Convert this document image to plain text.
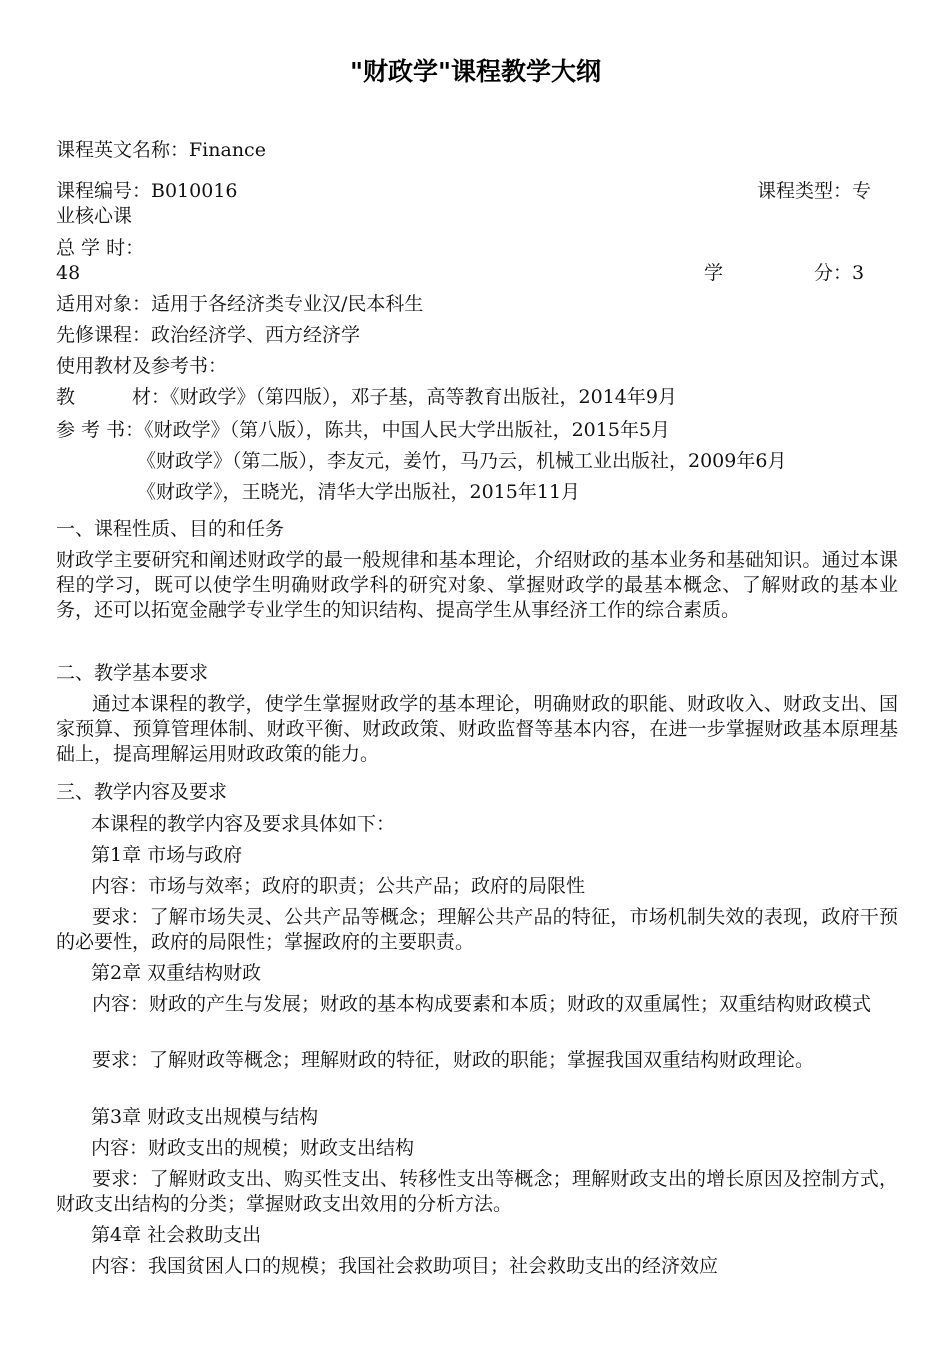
"财政学"课程教学大纲
课程英文名称：Finance
课程编号：B010016	课程类型：专
业核心课
总 学 时：
48	学	分：3
适用对象：适用于各经济类专业汉/民本科生
先修课程：政治经济学、西方经济学
使用教材及参考书：
教　　　材：《财政学》（第四版），邓子基，高等教育出版社，2014年9月
参 考 书：《财政学》（第八版），陈共，中国人民大学出版社，2015年5月
《财政学》（第二版），李友元，姜竹，马乃云，机械工业出版社，2009年6月
《财政学》，王晓光，清华大学出版社，2015年11月
一、课程性质、目的和任务
财政学主要研究和阐述财政学的最一般规律和基本理论，介绍财政的基本业务和基础知识。通过本课程的学习，既可以使学生明确财政学科的研究对象、掌握财政学的最基本概念、了解财政的基本业务，还可以拓宽金融学专业学生的知识结构、提高学生从事经济工作的综合素质。
二、教学基本要求
通过本课程的教学，使学生掌握财政学的基本理论，明确财政的职能、财政收入、财政支出、国家预算、预算管理体制、财政平衡、财政政策、财政监督等基本内容，在进一步掌握财政基本原理基础上，提高理解运用财政政策的能力。
三、教学内容及要求
本课程的教学内容及要求具体如下：
第1章 市场与政府
内容：市场与效率；政府的职责；公共产品；政府的局限性
要求：了解市场失灵、公共产品等概念；理解公共产品的特征，市场机制失效的表现，政府干预的必要性，政府的局限性；掌握政府的主要职责。
第2章 双重结构财政
内容：财政的产生与发展；财政的基本构成要素和本质；财政的双重属性；双重结构财政模式
要求：了解财政等概念；理解财政的特征，财政的职能；掌握我国双重结构财政理论。
第3章 财政支出规模与结构
内容：财政支出的规模；财政支出结构
要求：了解财政支出、购买性支出、转移性支出等概念；理解财政支出的增长原因及控制方式，财政支出结构的分类；掌握财政支出效用的分析方法。
第4章 社会救助支出
内容：我国贫困人口的规模；我国社会救助项目；社会救助支出的经济效应
